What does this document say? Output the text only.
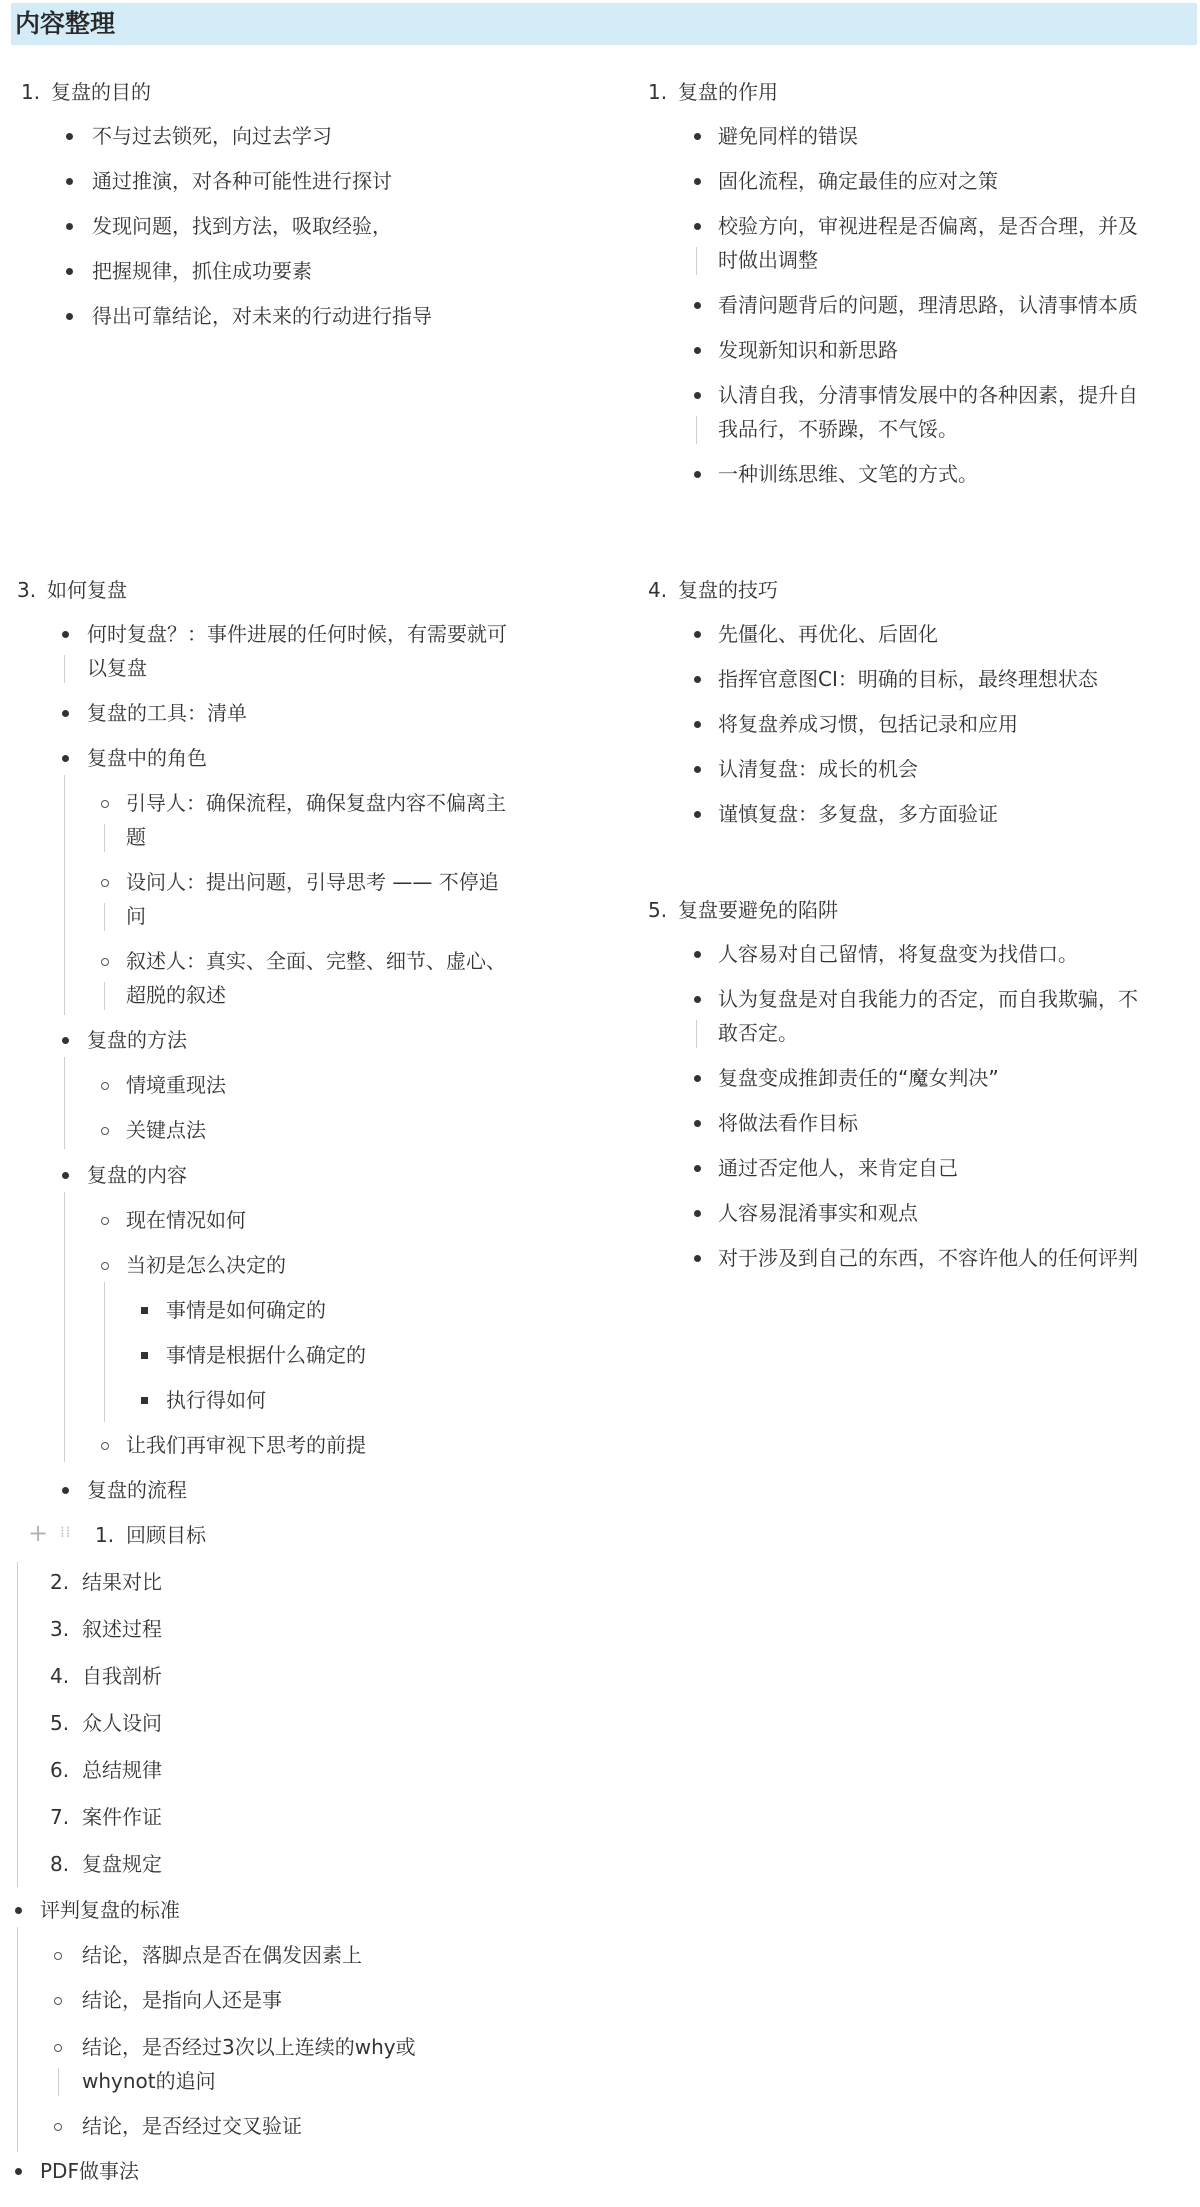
内容整理
1. 复盘的目的
不与过去锁死，向过去学习
通过推演，对各种可能性进行探讨
发现问题，找到方法，吸取经验，
把握规律，抓住成功要素
得出可靠结论，对未来的行动进行指导
1. 复盘的作用
避免同样的错误
固化流程，确定最佳的应对之策
校验方向，审视进程是否偏离，是否合理，并及
时做出调整
看清问题背后的问题，理清思路，认清事情本质
发现新知识和新思路
认清自我，分清事情发展中的各种因素，提升自
我品行，不骄躁，不气馁。
一种训练思维、文笔的方式。
3. 如何复盘
何时复盘？：事件进展的任何时候，有需要就可
以复盘
复盘的工具：清单
复盘中的角色
引导人：确保流程，确保复盘内容不偏离主
题
设问人：提出问题，引导思考 —— 不停追
问
叙述人：真实、全面、完整、细节、虚心、
超脱的叙述
复盘的方法
情境重现法
关键点法
复盘的内容
现在情况如何
当初是怎么决定的
事情是如何确定的
事情是根据什么确定的
执行得如何
让我们再审视下思考的前提
复盘的流程
+ ⁞⁞ 1. 回顾目标
2. 结果对比
3. 叙述过程
4. 自我剖析
5. 众人设问
6. 总结规律
7. 案件作证
8. 复盘规定
评判复盘的标准
结论，落脚点是否在偶发因素上
结论，是指向人还是事
结论，是否经过3次以上连续的why或
whynot的追问
结论，是否经过交叉验证
PDF做事法
4. 复盘的技巧
先僵化、再优化、后固化
指挥官意图CI：明确的目标，最终理想状态
将复盘养成习惯，包括记录和应用
认清复盘：成长的机会
谨慎复盘：多复盘，多方面验证
5. 复盘要避免的陷阱
人容易对自己留情，将复盘变为找借口。
认为复盘是对自我能力的否定，而自我欺骗，不
敢否定。
复盘变成推卸责任的“魔女判决”
将做法看作目标
通过否定他人，来肯定自己
人容易混淆事实和观点
对于涉及到自己的东西，不容许他人的任何评判
